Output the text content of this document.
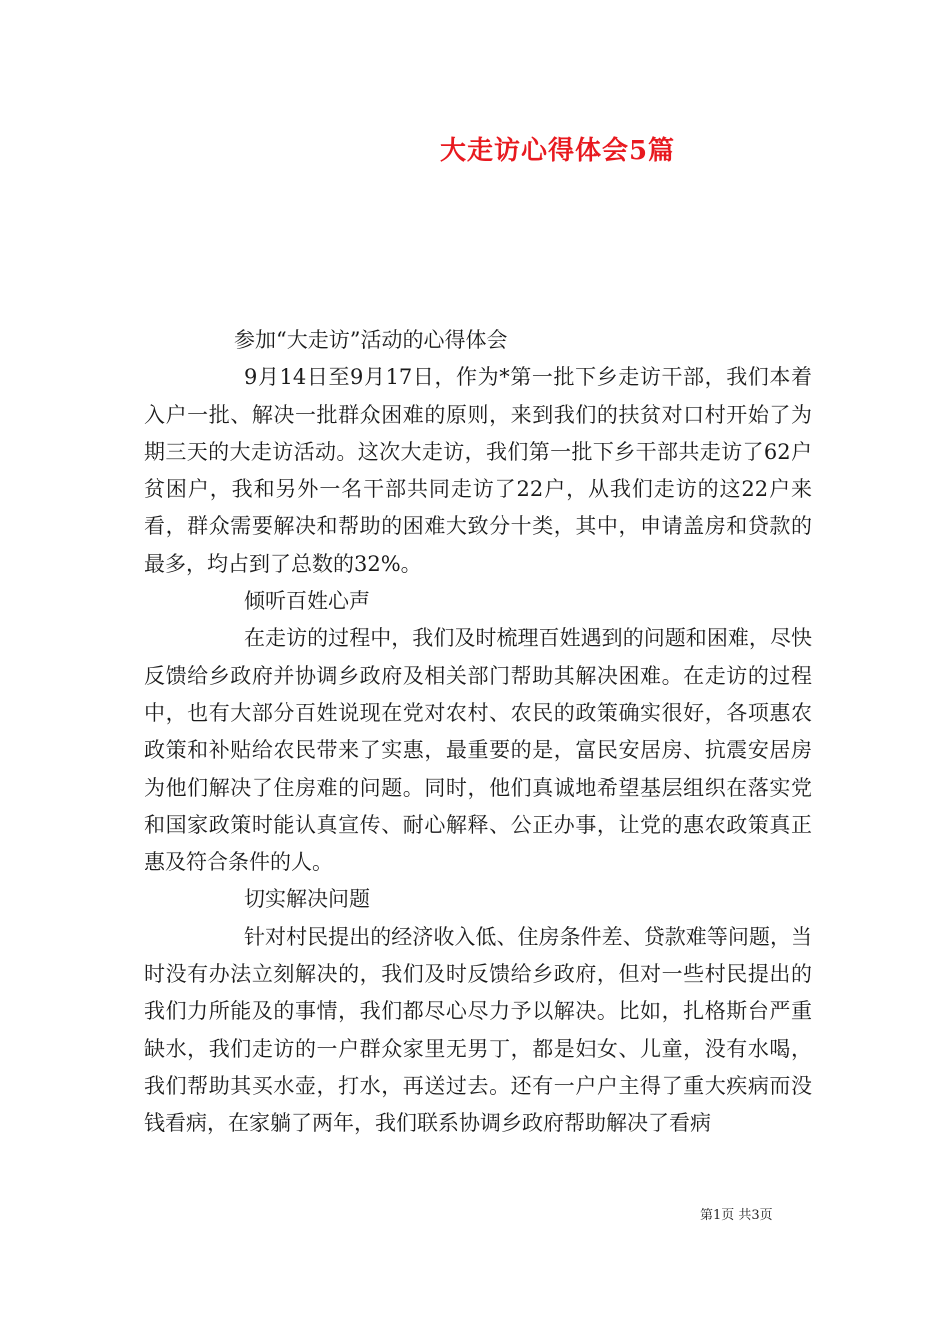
大走访心得体会5篇

参加“大走访”活动的心得体会

9月14日至9月17日，作为*第一批下乡走访干部，我们本着入户一批、解决一批群众困难的原则，来到我们的扶贫对口村开始了为期三天的大走访活动。这次大走访，我们第一批下乡干部共走访了62户贫困户，我和另外一名干部共同走访了22户，从我们走访的这22户来看，群众需要解决和帮助的困难大致分十类，其中，申请盖房和贷款的最多，均占到了总数的32%。

倾听百姓心声

在走访的过程中，我们及时梳理百姓遇到的问题和困难，尽快反馈给乡政府并协调乡政府及相关部门帮助其解决困难。在走访的过程中，也有大部分百姓说现在党对农村、农民的政策确实很好，各项惠农政策和补贴给农民带来了实惠，最重要的是，富民安居房、抗震安居房为他们解决了住房难的问题。同时，他们真诚地希望基层组织在落实党和国家政策时能认真宣传、耐心解释、公正办事，让党的惠农政策真正惠及符合条件的人。

切实解决问题

针对村民提出的经济收入低、住房条件差、贷款难等问题，当时没有办法立刻解决的，我们及时反馈给乡政府，但对一些村民提出的我们力所能及的事情，我们都尽心尽力予以解决。比如，扎格斯台严重缺水，我们走访的一户群众家里无男丁，都是妇女、儿童，没有水喝，我们帮助其买水壶，打水，再送过去。还有一户户主得了重大疾病而没钱看病，在家躺了两年，我们联系协调乡政府帮助解决了看病

第1页 共3页
